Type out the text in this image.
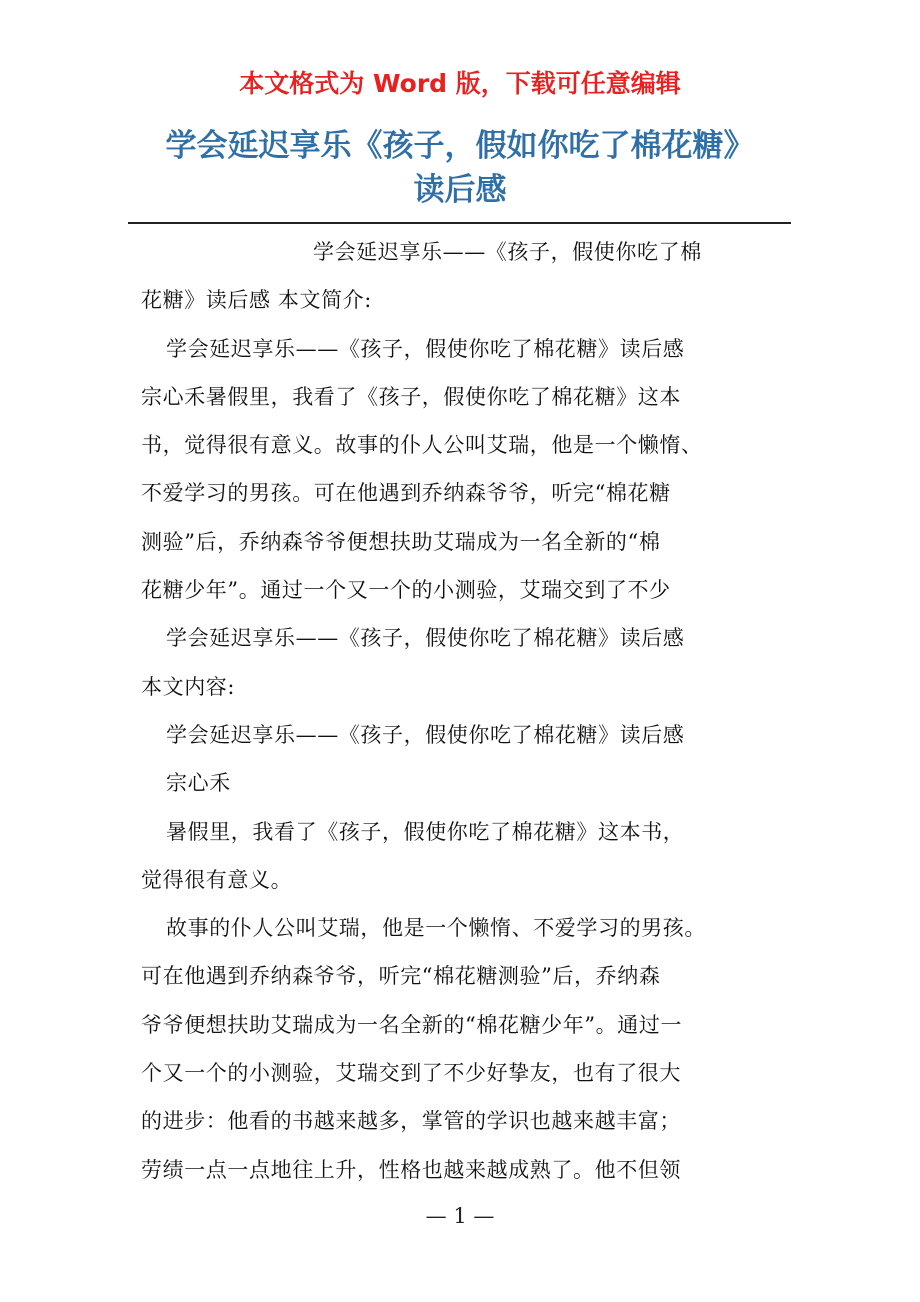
本文格式为 Word 版，下载可任意编辑
学会延迟享乐《孩子，假如你吃了棉花糖》
读后感
学会延迟享乐——《孩子，假使你吃了棉
花糖》读后感 本文简介:
学会延迟享乐——《孩子，假使你吃了棉花糖》读后感
宗心禾暑假里，我看了《孩子，假使你吃了棉花糖》这本
书，觉得很有意义。故事的仆人公叫艾瑞，他是一个懒惰、
不爱学习的男孩。可在他遇到乔纳森爷爷，听完“棉花糖
测验”后，乔纳森爷爷便想扶助艾瑞成为一名全新的“棉
花糖少年”。通过一个又一个的小测验，艾瑞交到了不少
学会延迟享乐——《孩子，假使你吃了棉花糖》读后感
本文内容:
学会延迟享乐——《孩子，假使你吃了棉花糖》读后感
宗心禾
暑假里，我看了《孩子，假使你吃了棉花糖》这本书，
觉得很有意义。
故事的仆人公叫艾瑞，他是一个懒惰、不爱学习的男孩。
可在他遇到乔纳森爷爷，听完“棉花糖测验”后，乔纳森
爷爷便想扶助艾瑞成为一名全新的“棉花糖少年”。通过一
个又一个的小测验，艾瑞交到了不少好挚友，也有了很大
的进步：他看的书越来越多，掌管的学识也越来越丰富；
劳绩一点一点地往上升，性格也越来越成熟了。他不但领
— 1 —
